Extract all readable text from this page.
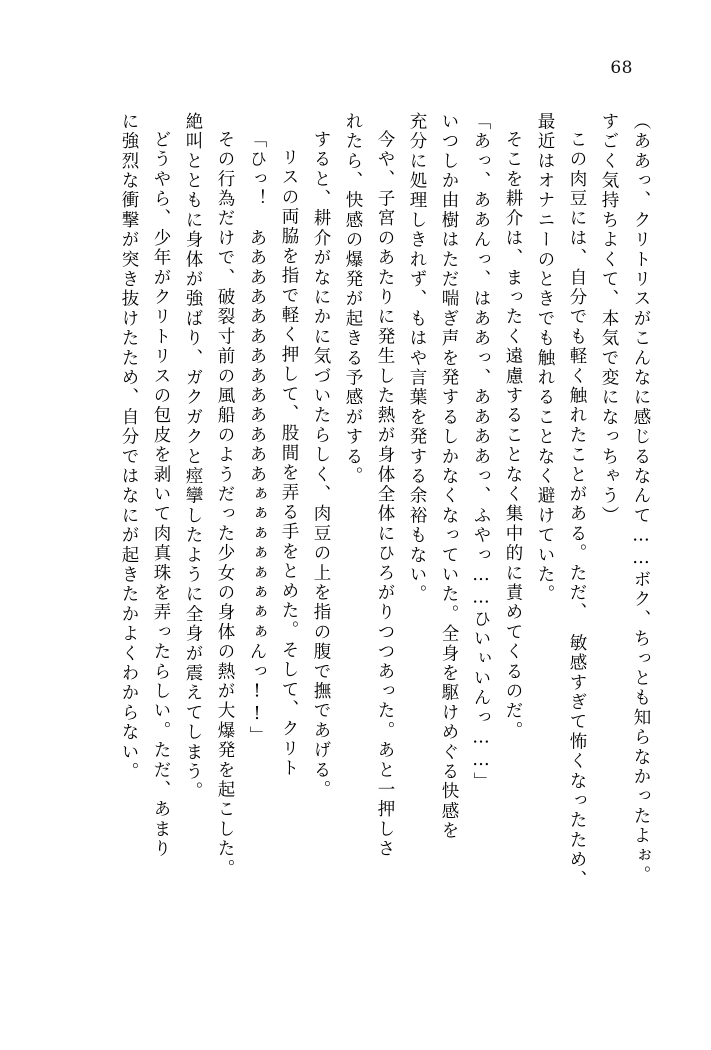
68
（ああっ、クリトリスがこんなに感じるなんて……ボク、ちっとも知らなかったよぉ。
すごく気持ちよくて、本気で変になっちゃう）
この肉豆には、自分でも軽く触れたことがある。ただ、　敏感すぎて怖くなったため、
最近はオナニーのときでも触れることなく避けていた。
そこを耕介は、まったく遠慮することなく集中的に責めてくるのだ。
「あっ、ああんっ、はああっ、ああああっ、ふやっ……ひいぃいんっ……」
いつしか由樹はただ喘ぎ声を発するしかなくなっていた。全身を駆けめぐる快感を
充分に処理しきれず、もはや言葉を発する余裕もない。
今や、子宮のあたりに発生した熱が身体全体にひろがりつつあった。あと一押しさ
れたら、快感の爆発が起きる予感がする。
すると、耕介がなにかに気づいたらしく、肉豆の上を指の腹で撫であげる。
リスの両脇を指で軽く押して、股間を弄る手をとめた。そして、クリト
「ひっ！　あああああああああああああぁぁぁぁぁぁぁぁんっ!!」
その行為だけで、破裂寸前の風船のようだった少女の身体の熱が大爆発を起こした。
絶叫とともに身体が強ばり、ガクガクと痙攣したように全身が震えてしまう。
どうやら、少年がクリトリスの包皮を剥いて肉真珠を弄ったらしい。ただ、あまり
に強烈な衝撃が突き抜けたため、自分ではなにが起きたかよくわからない。
